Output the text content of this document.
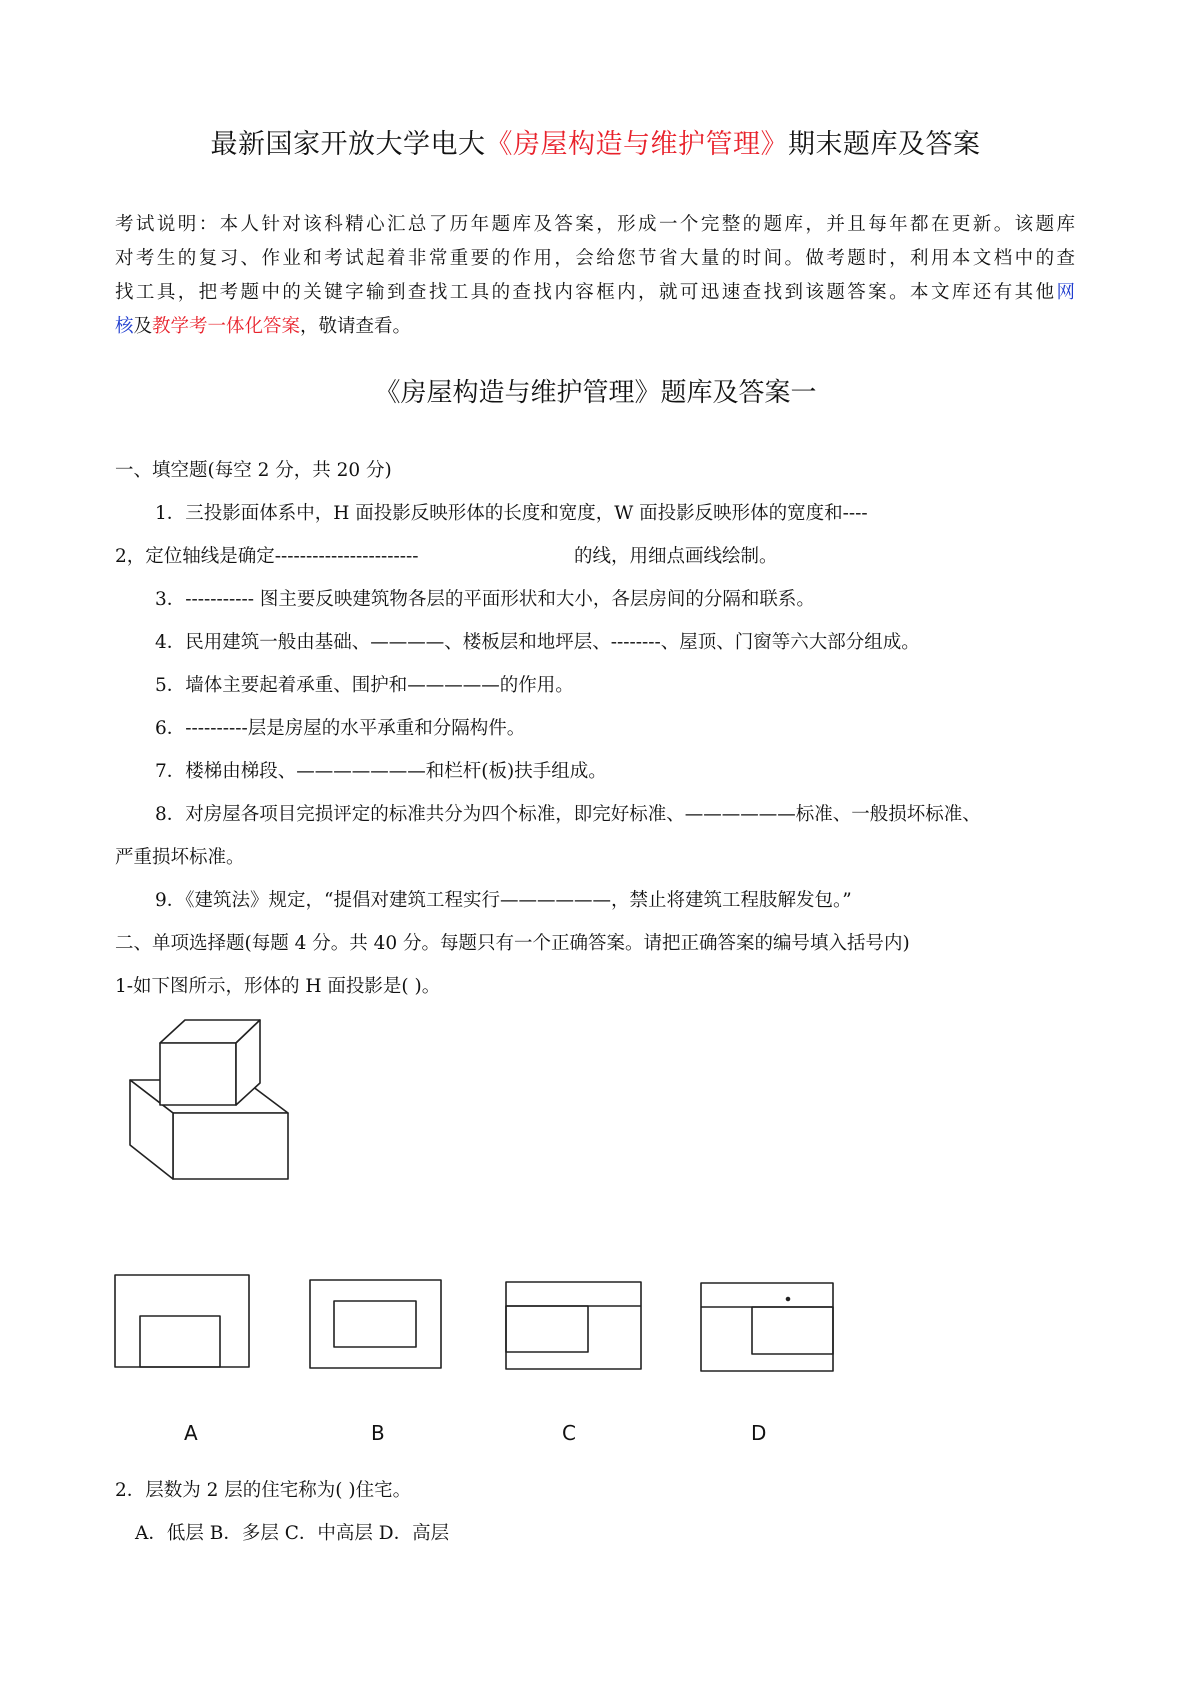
最新国家开放大学电大《房屋构造与维护管理》期末题库及答案
考试说明：本人针对该科精心汇总了历年题库及答案，形成一个完整的题库，并且每年都在更新。该题库
对考生的复习、作业和考试起着非常重要的作用，会给您节省大量的时间。做考题时，利用本文档中的查
找工具，把考题中的关键字输到查找工具的查找内容框内，就可迅速查找到该题答案。本文库还有其他网
核及教学考一体化答案，敬请查看。
《房屋构造与维护管理》题库及答案一
一、填空题(每空 2 分，共 20 分)
1．三投影面体系中，H 面投影反映形体的长度和宽度，W 面投影反映形体的宽度和----
2，定位轴线是确定-----------------------	的线，用细点画线绘制。
3．----------- 图主要反映建筑物各层的平面形状和大小，各层房间的分隔和联系。
4．民用建筑一般由基础、————、楼板层和地坪层、--------、屋顶、门窗等六大部分组成。
5．墙体主要起着承重、围护和—————的作用。
6．----------层是房屋的水平承重和分隔构件。
7．楼梯由梯段、———————和栏杆(板)扶手组成。
8．对房屋各项目完损评定的标准共分为四个标准，即完好标准、——————标准、一般损坏标准、
严重损坏标准。
9．《建筑法》规定，“提倡对建筑工程实行——————，禁止将建筑工程肢解发包。”
二、单项选择题(每题 4 分。共 40 分。每题只有一个正确答案。请把正确答案的编号填入括号内)
1-如下图所示，形体的 H 面投影是( )。
A	B	C	D
2．层数为 2 层的住宅称为( )住宅。
A．低层 B．多层 C．中高层 D．高层
